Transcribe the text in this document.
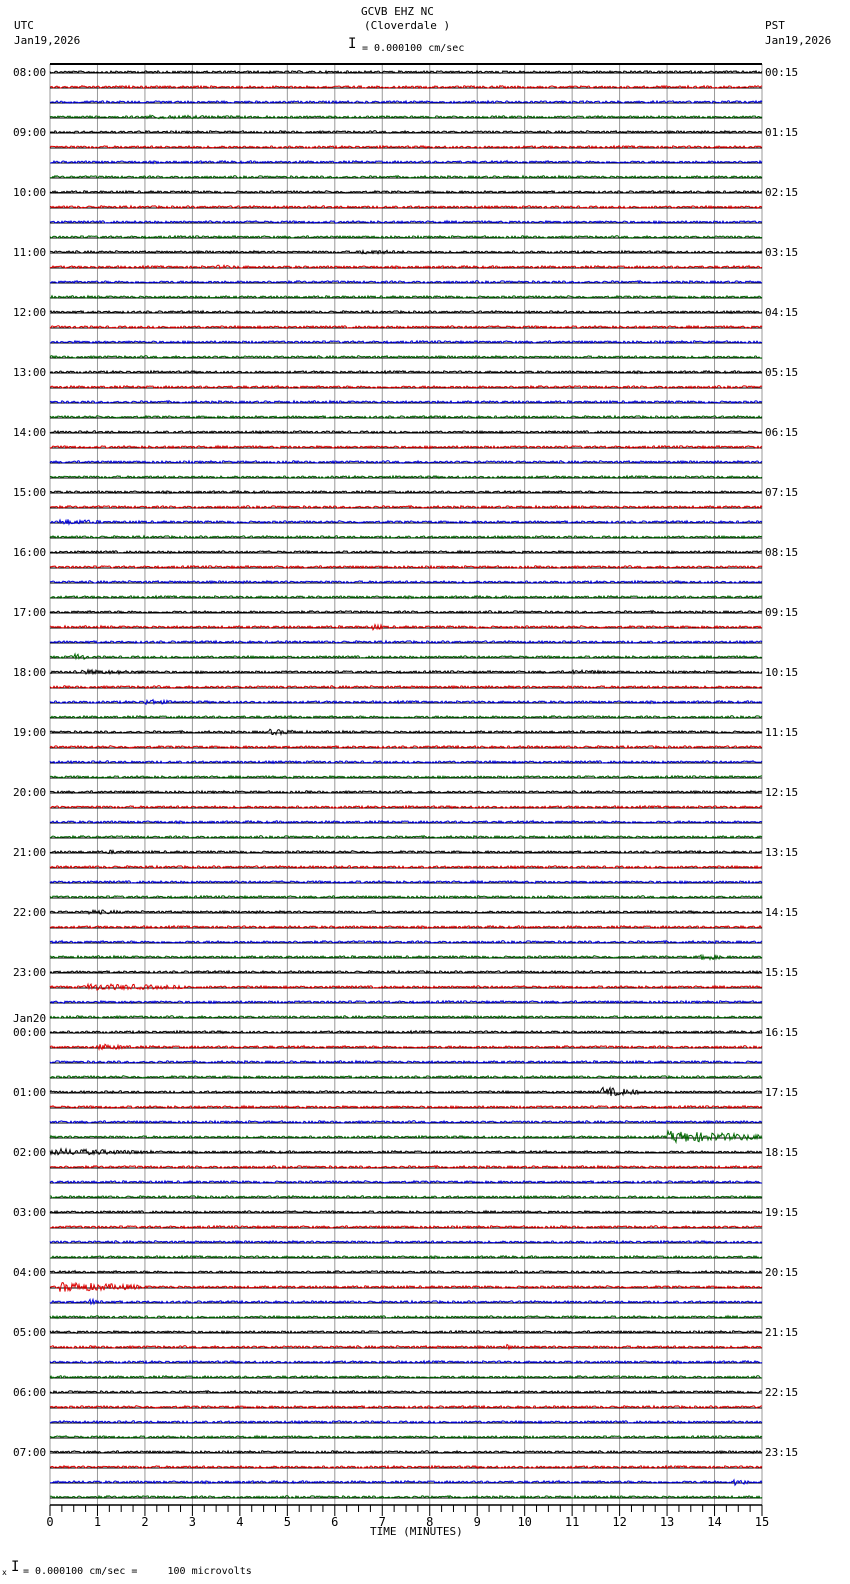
GCVB EHZ NC
(Cloverdale )
UTC
Jan19,2026
PST
Jan19,2026
I = 0.000100 cm/sec
08:00	00:15
09:00	01:15
10:00	02:15
11:00	03:15
12:00	04:15
13:00	05:15
14:00	06:15
15:00	07:15
16:00	08:15
17:00	09:15
18:00	10:15
19:00	11:15
20:00	12:15
21:00	13:15
22:00	14:15
23:00	15:15
00:00	16:15
01:00	17:15
02:00	18:15
03:00	19:15
04:00	20:15
05:00	21:15
06:00	22:15
07:00	23:15
Jan20
0	1	2	3	4	5	6	7	8	9	10	11	12	13	14	15
TIME (MINUTES)
x I = 0.000100 cm/sec =     100 microvolts
